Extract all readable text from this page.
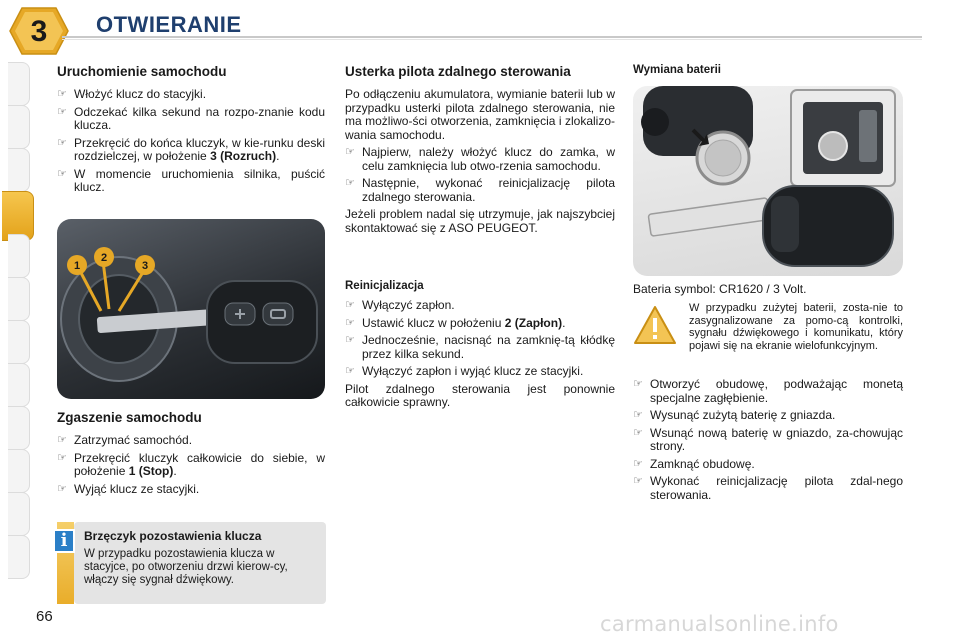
3 OTWIERANIE
Uruchomienie samochodu
☞ Włożyć klucz do stacyjki.
☞ Odczekać kilka sekund na rozpo-znanie kodu klucza.
☞ Przekręcić do końca kluczyk, w kie-runku deski rozdzielczej, w położenie 3 (Rozruch).
☞ W momencie uruchomienia silnika, puścić klucz.
1
2
3
Zgaszenie samochodu
☞ Zatrzymać samochód.
☞ Przekręcić kluczyk całkowicie do siebie, w położenie 1 (Stop).
☞ Wyjąć klucz ze stacyjki.
i	Brzęczyk pozostawienia klucza
W przypadku pozostawienia klucza w stacyjce, po otworzeniu drzwi kierow-cy, włączy się sygnał dźwiękowy.
Usterka pilota zdalnego sterowania

Po odłączeniu akumulatora, wymianie baterii lub w przypadku usterki pilota zdalnego sterowania, nie ma możliwo-ści otworzenia, zamknięcia i zlokalizo-wania samochodu.

☞ Najpierw, należy włożyć klucz do zamka, w celu zamknięcia lub otwo-rzenia samochodu.
☞ Następnie, wykonać reinicjalizację pilota zdalnego sterowania.

Jeżeli problem nadal się utrzymuje, jak najszybciej skontaktować się z ASO PEUGEOT.

Reinicjalizacja
☞ Wyłączyć zapłon.
☞ Ustawić klucz w położeniu 2 (Zapłon).
☞ Jednocześnie, nacisnąć na zamknię-tą kłódkę przez kilka sekund.
☞ Wyłączyć zapłon i wyjąć klucz ze stacyjki.

Pilot zdalnego sterowania jest ponownie całkowicie sprawny.

Wymiana baterii
Bateria symbol: CR1620 / 3 Volt.

W przypadku zużytej baterii, zosta-nie to zasygnalizowane za pomo-cą kontrolki, sygnału dźwiękowego i komunikatu, który pojawi się na ekranie wielofunkcyjnym.

☞ Otworzyć obudowę, podważając monetą specjalne zagłębienie.
☞ Wysunąć zużytą baterię z gniazda.
☞ Wsunąć nową baterię w gniazdo, za-chowując strony.
☞ Zamknąć obudowę.
☞ Wykonać reinicjalizację pilota zdal-nego sterowania.
66	carmanualsonline.info
